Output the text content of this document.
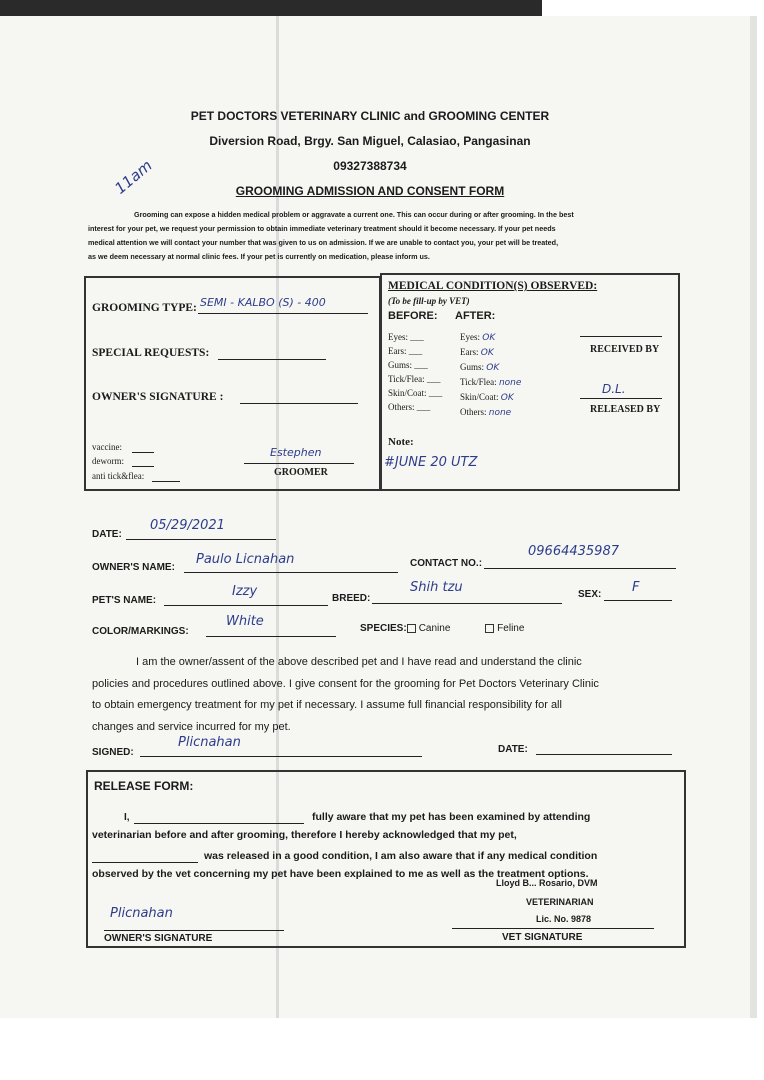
PET DOCTORS VETERINARY CLINIC and GROOMING CENTER
Diversion Road, Brgy. San Miguel, Calasiao, Pangasinan
09327388734
GROOMING ADMISSION AND CONSENT FORM
11am
Grooming can expose a hidden medical problem or aggravate a current one. This can occur during or after grooming. In the best
interest for your pet, we request your permission to obtain immediate veterinary treatment should it become necessary. If your pet needs
medical attention we will contact your number that was given to us on admission. If we are unable to contact you, your pet will be treated,
as we deem necessary at normal clinic fees. If your pet is currently on medication, please inform us.
GROOMING TYPE: SEMI - KALBO (S) - 400
SPECIAL REQUESTS:
OWNER'S SIGNATURE :
vaccine:
deworm:
anti tick&flea:
Estephen
GROOMER
MEDICAL CONDITION(S) OBSERVED:
(To be fill-up by VET)
BEFORE: AFTER:
Eyes: ___
Ears: ___
Gums: ___
Tick/Flea: ___
Skin/Coat: ___
Others: ___
Eyes: OK
Ears: OK
Gums: OK
Tick/Flea: none
Skin/Coat: OK
Others: none
RECEIVED BY
D.L.
RELEASED BY
Note:
#JUNE 20 UTZ
DATE:
05/29/2021
OWNER'S NAME:
Paulo Licnahan	CONTACT NO.:
09664435987
PET'S NAME:
Izzy	BREED:
Shih tzu	SEX: F
COLOR/MARKINGS:
White	SPECIES: Canine	Feline
I am the owner/assent of the above described pet and I have read and understand the clinic
policies and procedures outlined above. I give consent for the grooming for Pet Doctors Veterinary Clinic
to obtain emergency treatment for my pet if necessary. I assume full financial responsibility for all
changes and service incurred for my pet.
SIGNED:
Plicnahan	DATE:
RELEASE FORM:
I,	fully aware that my pet has been examined by attending
veterinarian before and after grooming, therefore I hereby acknowledged that my pet,
was released in a good condition, I am also aware that if any medical condition
observed by the vet concerning my pet have been explained to me as well as the treatment options.
Plicnahan
OWNER'S SIGNATURE
Lloyd B... Rosario, DVM
VETERINARIAN
Lic. No. 9878
VET SIGNATURE
